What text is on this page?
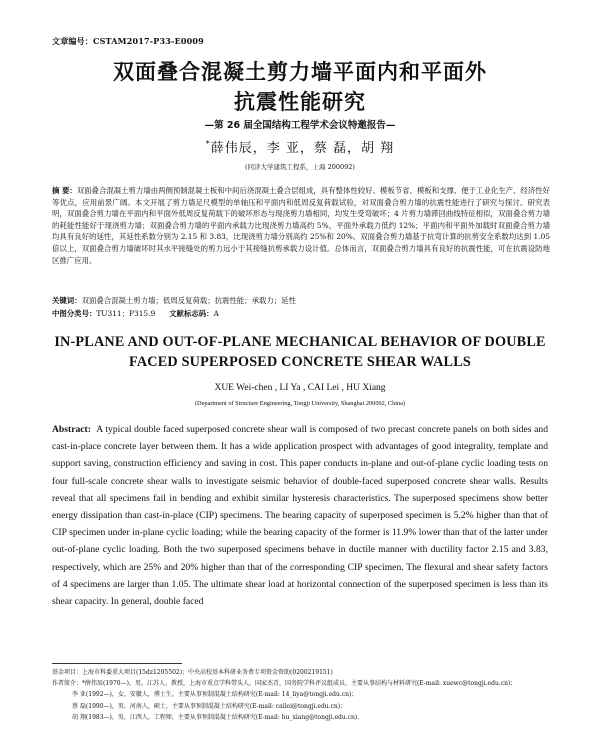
文章编号：CSTAM2017-P33-E0009
双面叠合混凝土剪力墙平面内和平面外
抗震性能研究
—第 26 届全国结构工程学术会议特邀报告—
*薛伟辰，李 亚，蔡 磊，胡 翔
(同济大学建筑工程系，上海 200092)
摘 要：双面叠合混凝土剪力墙由两侧预制混凝土板和中间后浇混凝土叠合层组成，具有整体性较好、模板节省、模板和支撑、便于工业化生产、经济性好等优点，应用前景广阔。本文开展了剪力墙足尺模型的单轴压和平面内和低周反复荷载试验，对双面叠合剪力墙的抗震性能进行了研究与探讨。研究表明，双面叠合剪力墙在平面内和平面外低周反复荷载下的破坏形态与现浇剪力墙相同，均发生受弯破坏；4 片剪力墙滞回曲线特征相似，双面叠合剪力墙的耗能性能好于现浇剪力墙；双面叠合剪力墙的平面内承载力比现浇剪力墙高约 5%，平面外承载力低约 12%；平面内和平面外加载时双面叠合剪力墙均具有良好的延性，其延性系数分别为 2.15 和 3.83，比现浇剪力墙分别高约 25%和 20%。双面叠合剪力墙基于抗弯计算的抗剪安全系数均达到 1.05 倍以上，双面叠合剪力墙破坏时其水平接缝处的剪力远小于其接缝抗剪承载力设计值。总体而言，双面叠合剪力墙具有良好的抗震性能，可在抗震设防地区推广应用。
关键词：双面叠合混凝土剪力墙；低周反复荷载；抗震性能；承载力；延性
中图分类号：TU311；P315.9 文献标志码：A
IN-PLANE AND OUT-OF-PLANE MECHANICAL BEHAVIOR OF DOUBLE
FACED SUPERPOSED CONCRETE SHEAR WALLS
XUE Wei-chen , LI Ya , CAI Lei , HU Xiang
(Department of Structure Engineering, Tongji University, Shanghai 200092, China)
Abstract: A typical double faced superposed concrete shear wall is composed of two precast concrete panels on both sides and cast-in-place concrete layer between them. It has a wide application prospect with advantages of good integrality, template and support saving, construction efficiency and saving in cost. This paper conducts in-plane and out-of-plane cyclic loading tests on four full-scale concrete shear walls to investigate seismic behavior of double-faced superposed concrete shear walls. Results reveal that all specimens fail in bending and exhibit similar hysteresis characteristics. The superposed specimens show better energy dissipation than cast-in-place (CIP) specimens. The bearing capacity of superposed specimen is 5.2% higher than that of CIP specimen under in-plane cyclic loading; while the bearing capacity of the former is 11.9% lower than that of the latter under out-of-plane cyclic loading. Both the two superposed specimens behave in ductile manner with ductility factor 2.15 and 3.83, respectively, which are 25% and 20% higher than that of the corresponding CIP specimen. The flexural and shear safety factors of 4 specimens are larger than 1.05. The ultimate shear load at horizontal connection of the superposed specimen is less than its shear capacity. In general, double faced
基金项目：上海市科委重大项目(15dz1205502)；中央高校基本科研业务费专项资金资助(0200219151)
作者简介：*薛伟辰(1970—)，男，江苏人，教授，上海市重点学科带头人，国家杰青，国务院学科评议组成员，主要从事结构与材料研究(E-mail: xuewc@tongji.edu.cn)；
李 亚(1992—)，女，安徽人，博士生，主要从事预制混凝土结构研究(E-mail: 14_liya@tongji.edu.cn)；
蔡 磊(1990—)，男，河南人，硕士，主要从事预制混凝土结构研究(E-mail: cailei@tongji.edu.cn)；
胡 翔(1983—)，男，江西人，工程师，主要从事预制混凝土结构研究(E-mail: hu_xiang@tongji.edu.cn).
